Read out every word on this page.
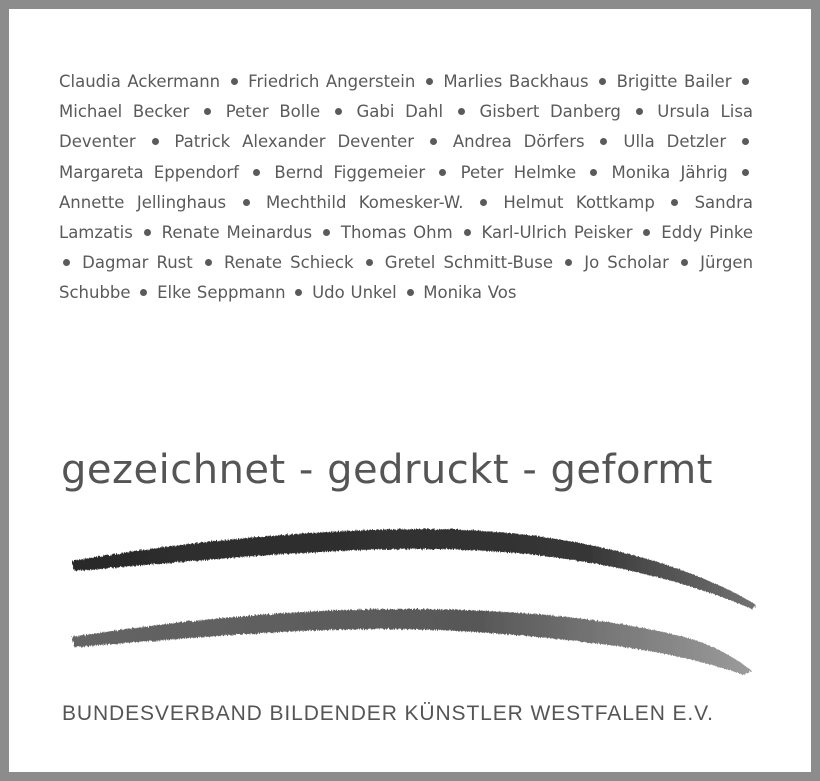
Claudia Ackermann Friedrich Angerstein Marlies Backhaus Brigitte Bailer  Michael Becker Peter Bolle Gabi Dahl Gisbert Danberg Ursula Lisa Deventer Patrick Alexander Deventer Andrea Dörfers Ulla Detzler  Margareta Eppendorf Bernd Figgemeier Peter Helmke Monika Jährig  Annette Jellinghaus Mechthild Komesker-W. Helmut Kottkamp Sandra Lamzatis Renate Meinardus Thomas Ohm Karl-Ulrich Peisker Eddy Pinke  Dagmar Rust Renate Schieck Gretel Schmitt-Buse Jo Scholar Jürgen Schubbe Elke Seppmann Udo Unkel Monika Vos
gezeichnet - gedruckt - geformt
BUNDESVERBAND BILDENDER KÜNSTLER WESTFALEN E.V.
